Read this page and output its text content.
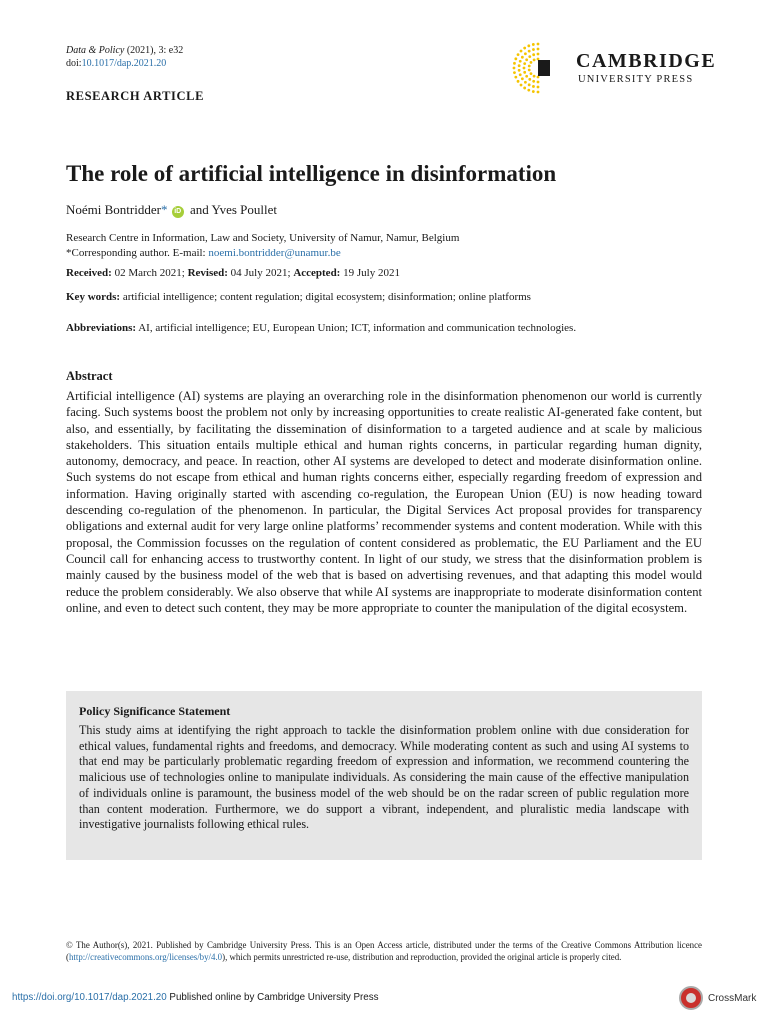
Data & Policy (2021), 3: e32
doi:10.1017/dap.2021.20	CAMBRIDGE
UNIVERSITY PRESS
RESEARCH ARTICLE
The role of artificial intelligence in disinformation
Noémi Bontridder* iD and Yves Poullet
Research Centre in Information, Law and Society, University of Namur, Namur, Belgium
*Corresponding author. E-mail: noemi.bontridder@unamur.be
Received: 02 March 2021; Revised: 04 July 2021; Accepted: 19 July 2021
Key words: artificial intelligence; content regulation; digital ecosystem; disinformation; online platforms
Abbreviations: AI, artificial intelligence; EU, European Union; ICT, information and communication technologies.
Abstract
Artificial intelligence (AI) systems are playing an overarching role in the disinformation phenomenon our world is currently facing. Such systems boost the problem not only by increasing opportunities to create realistic AI-generated fake content, but also, and essentially, by facilitating the dissemination of disinformation to a targeted audience and at scale by malicious stakeholders. This situation entails multiple ethical and human rights concerns, in particular regarding human dignity, autonomy, democracy, and peace. In reaction, other AI systems are developed to detect and moderate disinformation online. Such systems do not escape from ethical and human rights concerns either, especially regarding freedom of expression and information. Having originally started with ascending co-regulation, the European Union (EU) is now heading toward descending co-regulation of the phenomenon. In particular, the Digital Services Act proposal provides for transparency obligations and external audit for very large online platforms’ recommender systems and content moderation. While with this proposal, the Commission focusses on the regulation of content considered as problematic, the EU Parliament and the EU Council call for enhancing access to trustworthy content. In light of our study, we stress that the disinformation problem is mainly caused by the business model of the web that is based on advertising revenues, and that adapting this model would reduce the problem considerably. We also observe that while AI systems are inappropriate to moderate disinformation content online, and even to detect such content, they may be more appropriate to counter the manipulation of the digital ecosystem.
Policy Significance Statement
This study aims at identifying the right approach to tackle the disinformation problem online with due consideration for ethical values, fundamental rights and freedoms, and democracy. While moderating content as such and using AI systems to that end may be particularly problematic regarding freedom of expression and information, we recommend countering the malicious use of technologies online to manipulate individuals. As considering the main cause of the effective manipulation of individuals online is paramount, the business model of the web should be on the radar screen of public regulation more than content moderation. Furthermore, we do support a vibrant, independent, and pluralistic media landscape with investigative journalists following ethical rules.
© The Author(s), 2021. Published by Cambridge University Press. This is an Open Access article, distributed under the terms of the Creative Commons Attribution licence (http://creativecommons.org/licenses/by/4.0), which permits unrestricted re-use, distribution and reproduction, provided the original article is properly cited.
https://doi.org/10.1017/dap.2021.20 Published online by Cambridge University Press	CrossMark
